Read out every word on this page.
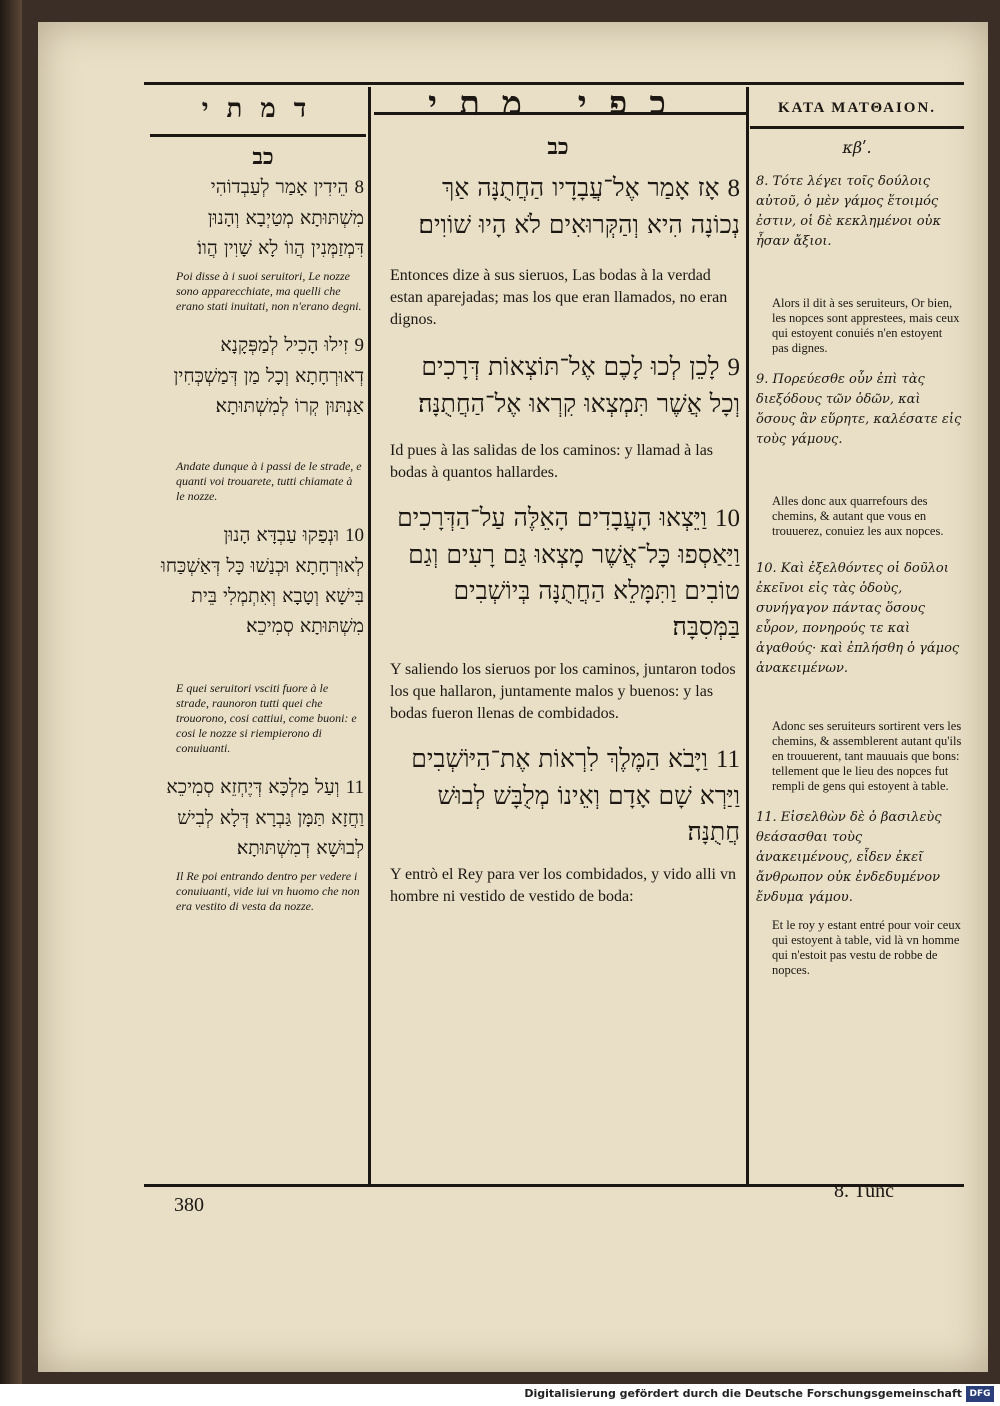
דמתי	כפי מתי	ΚΑΤΑ ΜΑΤΘΑΙΟΝ.
כב	כב	κβʹ.
8 הֵידִין אָמַר לְעַבְדוֹהִי מִשְׁתּוּתָא מְטַיְבָא וְהָנוּן דִּמְזַמְּנִין הֲווֹ לָא שָׁוִין הֲווֹ׃
Poi disse à i suoi seruitori, Le nozze sono apparecchiate, ma quelli che erano stati inuitati, non n'erano degni.
9 זִילוּ הָכִיל לְמַפְּקָנָא דְאוּרְחָתָא וְכָל מַן דְּמַשְׁכְּחִין אַנְתּוּן קְרוֹ לְמִשְׁתּוּתָא׃
Andate dunque à i passi de le strade, e quanti voi trouarete, tutti chiamate à le nozze.
10 וּנְפַקוּ עַבְדָּא הָנוּן לְאוּרְחָתָא וּכְנַשׁוּ כָּל דְּאַשְׁכַּחוּ בִּישָׁא וְטָבָא וְאִתְמְלִי בֵּית מִשְׁתּוּתָא סְמִיכֵא׃
E quei seruitori vsciti fuore à le strade, raunoron tutti quei che trouorono, cosi cattiui, come buoni: e cosi le nozze si riempierono di conuiuanti.
11 וְעַל מַלְכָּא דְּיֶחְזֵא סְמִיכֵא וַחֲזָא תַּמָּן גַּבְרָא דְּלָא לְבִישׁ לְבוּשָׁא דְמִשְׁתּוּתָא׃
Il Re poi entrando dentro per vedere i conuiuanti, vide iui vn huomo che non era vestito di vesta da nozze.
8 אָז אָמַר אֶל־עֲבָדָיו הַחֲתֻנָּה אַךְ נְכוֹנָה הִיא וְהַקְּרוּאִים לֹא הָיוּ שׁוֹוִים׃
Entonces dize à sus sieruos, Las bodas à la verdad estan aparejadas; mas los que eran llamados, no eran dignos.
9 לָכֵן לְכוּ לָכֶם אֶל־תּוֹצְאוֹת דְּרָכִים וְכָל אֲשֶׁר תִּמְצְאוּ קִרְאוּ אֶל־הַחֲתֻנָּה׃
Id pues à las salidas de los caminos: y llamad à las bodas à quantos hallardes.
10 וַיֵּצְאוּ הָעֲבָדִים הָאֵלֶּה עַל־הַדְּרָכִים וַיַּאַסְפוּ כָּל־אֲשֶׁר מָצְאוּ גַּם רָעִים וְגַם טוֹבִים וַתִּמָּלֵא הַחֲתֻנָּה בְּיוֹשְׁבִים בַּמְּסִבָּה׃
Y saliendo los sieruos por los caminos, juntaron todos los que hallaron, juntamente malos y buenos: y las bodas fueron llenas de combidados.
11 וַיָּבֹא הַמֶּלֶךְ לִרְאוֹת אֶת־הַיּוֹשְׁבִים וַיַּרְא שָׁם אָדָם וְאֵינוֹ מְלֻבָּשׁ לְבוּשׁ חֲתֻנָּה׃
Y entrò el Rey para ver los combidados, y vido alli vn hombre ni vestido de vestido de boda:
8. Τότε λέγει τοῖς δούλοις αὐτοῦ, ὁ μὲν γάμος ἕτοιμός ἐστιν, οἱ δὲ κεκλημένοι οὐκ ἦσαν ἄξιοι.
Alors il dit à ses seruiteurs, Or bien, les nopces sont apprestees, mais ceux qui estoyent conuiés n'en estoyent pas dignes.
9. Πορεύεσθε οὖν ἐπὶ τὰς διεξόδους τῶν ὁδῶν, καὶ ὅσους ἂν εὕρητε, καλέσατε εἰς τοὺς γάμους.
Alles donc aux quarrefours des chemins, & autant que vous en trouuerez, conuiez les aux nopces.
10. Καὶ ἐξελθόντες οἱ δοῦλοι ἐκεῖνοι εἰς τὰς ὁδοὺς, συνήγαγον πάντας ὅσους εὗρον, πονηρούς τε καὶ ἀγαθούς· καὶ ἐπλήσθη ὁ γάμος ἀνακειμένων.
Adonc ses seruiteurs sortirent vers les chemins, & assemblerent autant qu'ils en trouuerent, tant mauuais que bons: tellement que le lieu des nopces fut rempli de gens qui estoyent à table.
11. Εἰσελθὼν δὲ ὁ βασιλεὺς θεάσασθαι τοὺς ἀνακειμένους, εἶδεν ἐκεῖ ἄνθρωπον οὐκ ἐνδεδυμένον ἔνδυμα γάμου.
Et le roy y estant entré pour voir ceux qui estoyent à table, vid là vn homme qui n'estoit pas vestu de robbe de nopces.
380
8. Tunc
Digitalisierung gefördert durch die Deutsche Forschungsgemeinschaft DFG
